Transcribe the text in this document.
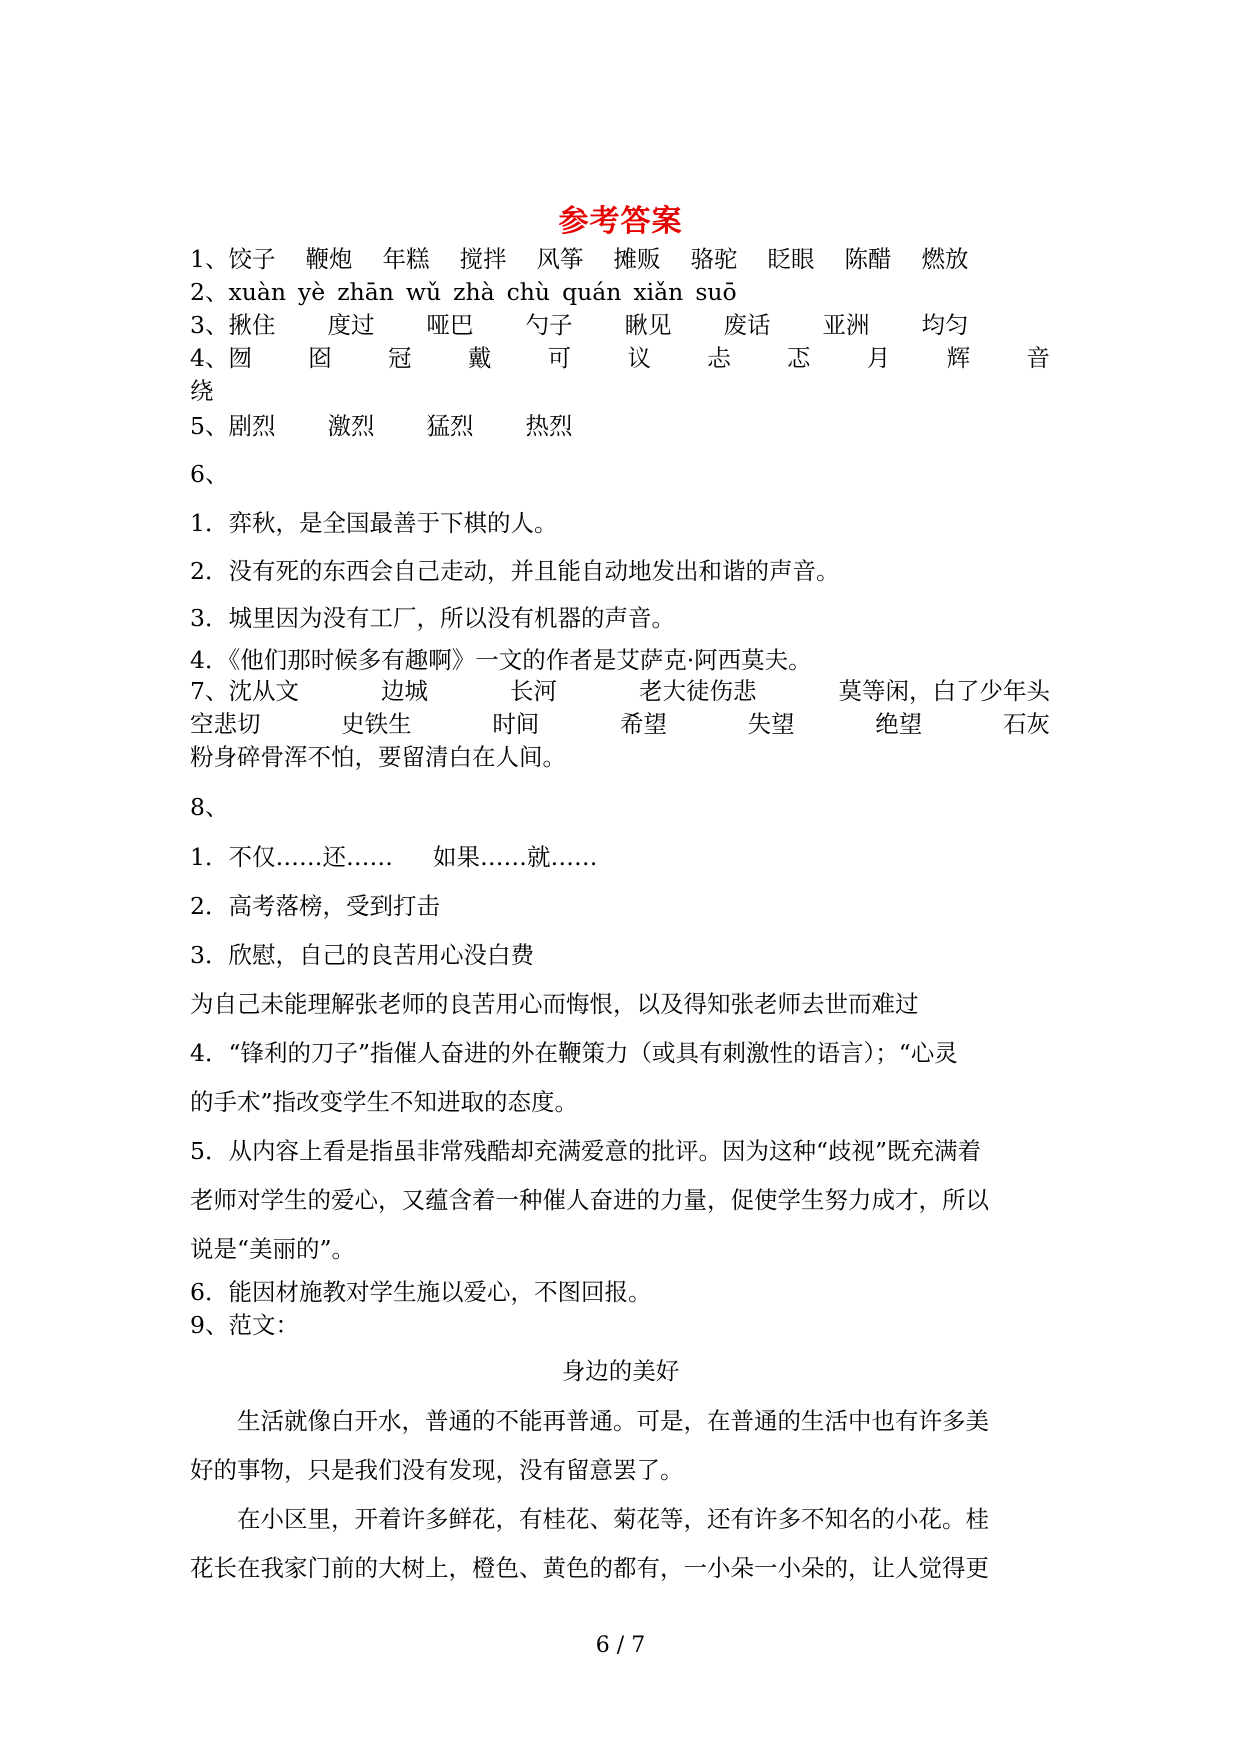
参考答案
1、饺子 鞭炮 年糕 搅拌 风筝 摊贩 骆驼 眨眼 陈醋 燃放
2、xuàn yè zhān wǔ zhà chù quán xiǎn suō
3、揪住 度过 哑巴 勺子 瞅见 废话 亚洲 均匀
4、囫 囵 冠 戴 可 议 忐 忑 月 辉 音
绕
5、剧烈 激烈 猛烈 热烈
6、
1．弈秋，是全国最善于下棋的人。
2．没有死的东西会自己走动，并且能自动地发出和谐的声音。
3．城里因为没有工厂，所以没有机器的声音。
4．《他们那时候多有趣啊》一文的作者是艾萨克·阿西莫夫。
7、沈从文	边城	长河	老大徒伤悲	莫等闲，白了少年头
空悲切	史铁生	时间	希望	失望	绝望	石灰
粉身碎骨浑不怕，要留清白在人间。
8、
1．不仅……还…… 如果……就……
2．高考落榜，受到打击
3．欣慰，自己的良苦用心没白费
为自己未能理解张老师的良苦用心而悔恨，以及得知张老师去世而难过
4．“锋利的刀子”指催人奋进的外在鞭策力（或具有刺激性的语言）；“心灵
的手术”指改变学生不知进取的态度。
5．从内容上看是指虽非常残酷却充满爱意的批评。因为这种“歧视”既充满着
老师对学生的爱心，又蕴含着一种催人奋进的力量，促使学生努力成才，所以
说是“美丽的”。
6．能因材施教对学生施以爱心，不图回报。
9、范文：
身边的美好
生活就像白开水，普通的不能再普通。可是，在普通的生活中也有许多美
好的事物，只是我们没有发现，没有留意罢了。
在小区里，开着许多鲜花，有桂花、菊花等，还有许多不知名的小花。桂
花长在我家门前的大树上，橙色、黄色的都有，一小朵一小朵的，让人觉得更
6 / 7
